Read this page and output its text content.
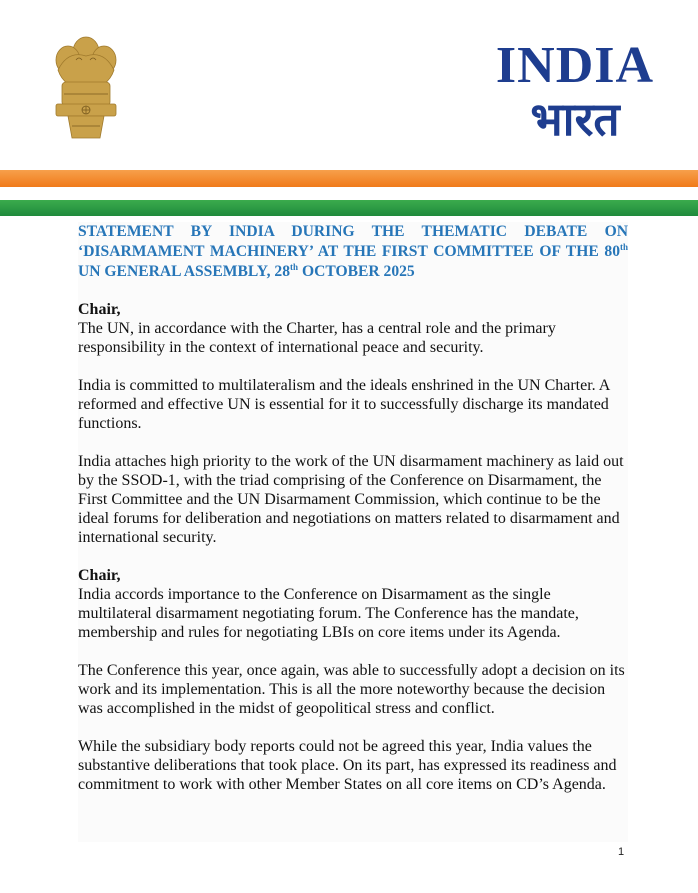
INDIA
भारत
STATEMENT BY INDIA DURING THE THEMATIC DEBATE ON ‘DISARMAMENT MACHINERY’ AT THE FIRST COMMITTEE OF THE 80th UN GENERAL ASSEMBLY, 28th OCTOBER 2025
Chair,

The UN, in accordance with the Charter, has a central role and the primary responsibility in the context of international peace and security.

India is committed to multilateralism and the ideals enshrined in the UN Charter. A reformed and effective UN is essential for it to successfully discharge its mandated functions.

India attaches high priority to the work of the UN disarmament machinery as laid out by the SSOD-1, with the triad comprising of the Conference on Disarmament, the First Committee and the UN Disarmament Commission, which continue to be the ideal forums for deliberation and negotiations on matters related to disarmament and international security.

Chair,

India accords importance to the Conference on Disarmament as the single multilateral disarmament negotiating forum. The Conference has the mandate, membership and rules for negotiating LBIs on core items under its Agenda.

The Conference this year, once again, was able to successfully adopt a decision on its work and its implementation. This is all the more noteworthy because the decision was accomplished in the midst of geopolitical stress and conflict.

While the subsidiary body reports could not be agreed this year, India values the substantive deliberations that took place. On its part, has expressed its readiness and commitment to work with other Member States on all core items on CD’s Agenda.

1
